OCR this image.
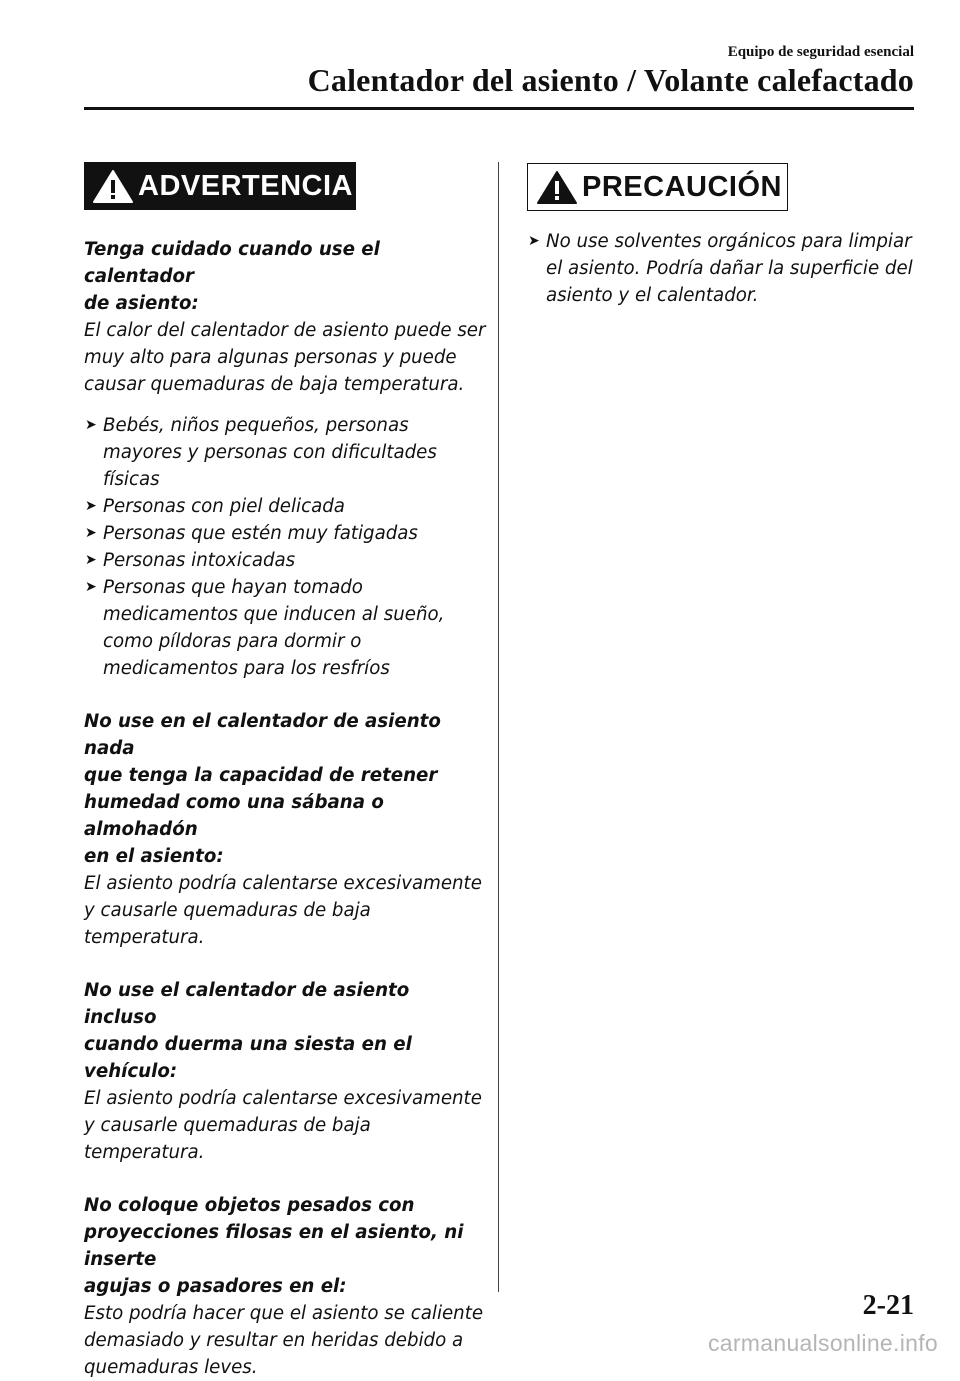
Equipo de seguridad esencial
Calentador del asiento / Volante calefactado
ADVERTENCIA	PRECAUCIÓN

Tenga cuidado cuando use el calentador
de asiento:

El calor del calentador de asiento puede ser
muy alto para algunas personas y puede
causar quemaduras de baja temperatura.

➤ Bebés, niños pequeños, personas
mayores y personas con dificultades
físicas
➤ Personas con piel delicada
➤ Personas que estén muy fatigadas
➤ Personas intoxicadas
➤ Personas que hayan tomado
medicamentos que inducen al sueño,
como píldoras para dormir o
medicamentos para los resfríos

No use en el calentador de asiento nada
que tenga la capacidad de retener
humedad como una sábana o almohadón
en el asiento:

El asiento podría calentarse excesivamente
y causarle quemaduras de baja
temperatura.

No use el calentador de asiento incluso
cuando duerma una siesta en el vehículo:

El asiento podría calentarse excesivamente
y causarle quemaduras de baja
temperatura.

No coloque objetos pesados con
proyecciones filosas en el asiento, ni inserte
agujas o pasadores en el:

Esto podría hacer que el asiento se caliente
demasiado y resultar en heridas debido a
quemaduras leves.

➤ No use solventes orgánicos para limpiar
el asiento. Podría dañar la superficie del
asiento y el calentador.
2-21
carmanualsonline.info
